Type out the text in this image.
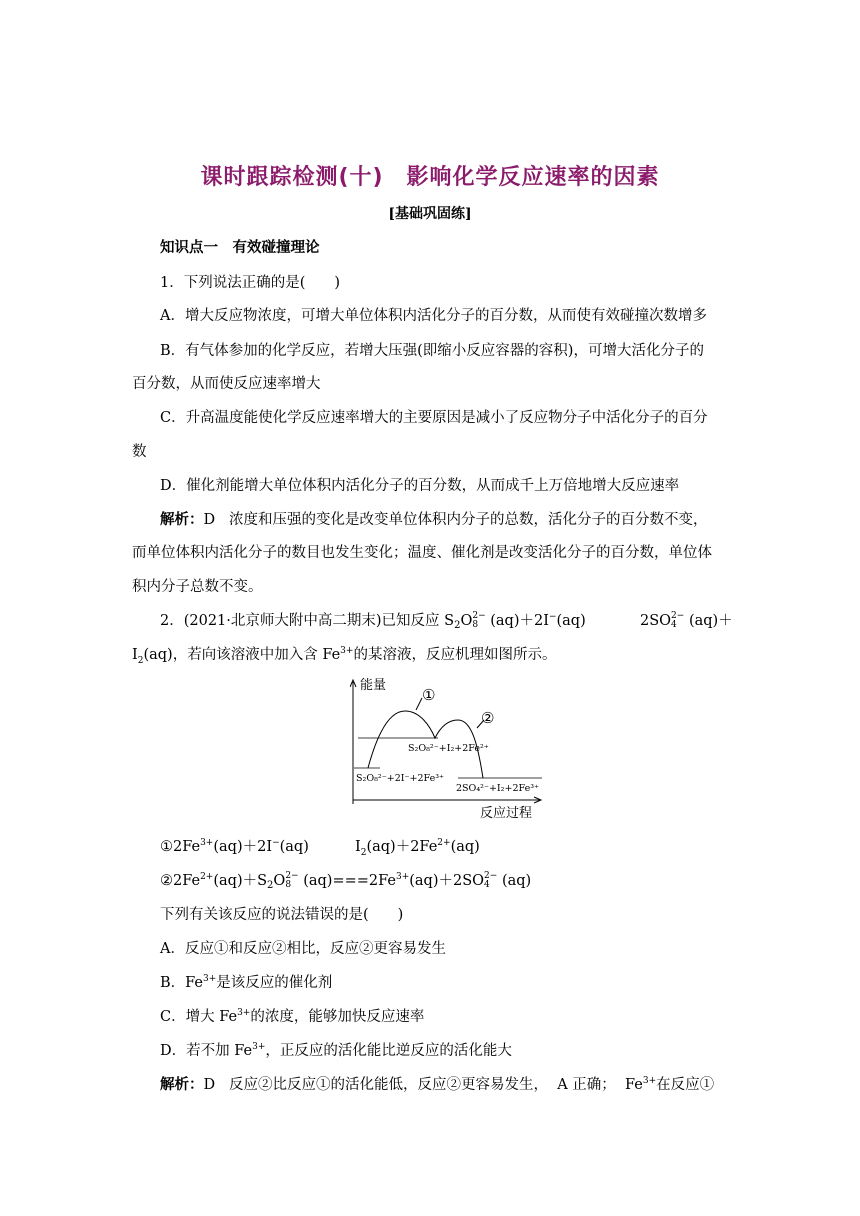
课时跟踪检测(十)　影响化学反应速率的因素
[基础巩固练]
知识点一　有效碰撞理论
1．下列说法正确的是(　　)
A．增大反应物浓度，可增大单位体积内活化分子的百分数，从而使有效碰撞次数增多
B．有气体参加的化学反应，若增大压强(即缩小反应容器的容积)，可增大活化分子的
百分数，从而使反应速率增大
C．升高温度能使化学反应速率增大的主要原因是减小了反应物分子中活化分子的百分
数
D．催化剂能增大单位体积内活化分子的百分数，从而成千上万倍地增大反应速率
解析：D 浓度和压强的变化是改变单位体积内分子的总数，活化分子的百分数不变，
而单位体积内活化分子的数目也发生变化；温度、催化剂是改变活化分子的百分数，单位体
积内分子总数不变。
2．(2021·北京师大附中高二期末)已知反应 $S_2O$ 2−
8 (aq)＋2I−(aq)	2SO 2−
4 (aq)＋
$I_2(aq)$，若向该溶液中加入含 $Fe^{3+}$的某溶液，反应机理如图所示。
能量
反应过程
①
②
S₂O₈²⁻+I₂+2Fe²⁺
S₂O₈²⁻+2I⁻+2Fe³⁺
2SO₄²⁻+I₂+2Fe³⁺
$①2Fe^{3+}(aq)+2I^-(aq)$	$I_2(aq)+2Fe^{2+}(aq)$
$②2Fe^{2+}(aq)+S_2O$ 2−
8 $(aq)===2Fe^{3+}(aq)+2SO$ 2−
4 (aq)
下列有关该反应的说法错误的是(　　)
A．反应①和反应②相比，反应②更容易发生
B．$Fe^{3+}$是该反应的催化剂
C．增大 $Fe^{3+}$的浓度，能够加快反应速率
D．若不加 $Fe^{3+}$，正反应的活化能比逆反应的活化能大
解析：D 反应②比反应①的活化能低，反应②更容易发生， A 正确； $Fe^{3+}$在反应①
